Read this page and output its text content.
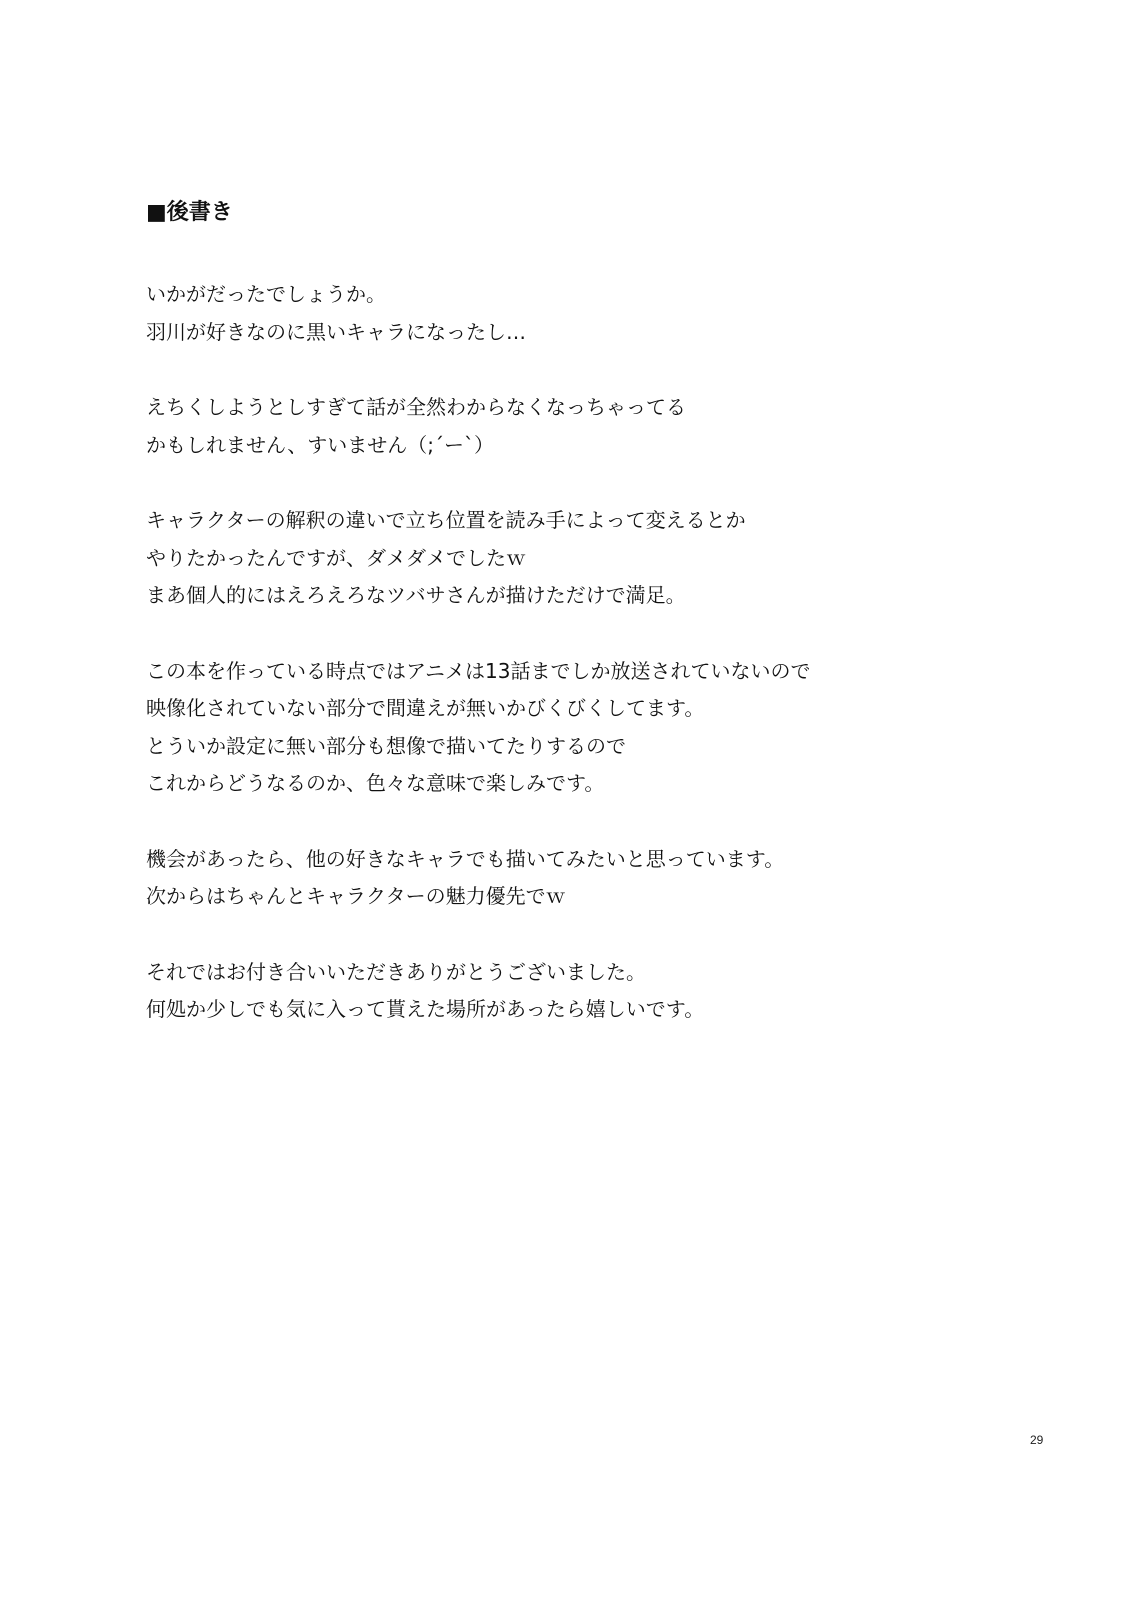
■後書き
いかがだったでしょうか。
羽川が好きなのに黒いキャラになったし…
えちくしようとしすぎて話が全然わからなくなっちゃってる
かもしれません、すいません（;´ー`）
キャラクターの解釈の違いで立ち位置を読み手によって変えるとか
やりたかったんですが、ダメダメでしたｗ
まあ個人的にはえろえろなツバサさんが描けただけで満足。
この本を作っている時点ではアニメは13話までしか放送されていないので
映像化されていない部分で間違えが無いかびくびくしてます。
とういか設定に無い部分も想像で描いてたりするので
これからどうなるのか、色々な意味で楽しみです。
機会があったら、他の好きなキャラでも描いてみたいと思っています。
次からはちゃんとキャラクターの魅力優先でｗ
それではお付き合いいただきありがとうございました。
何処か少しでも気に入って貰えた場所があったら嬉しいです。
29
